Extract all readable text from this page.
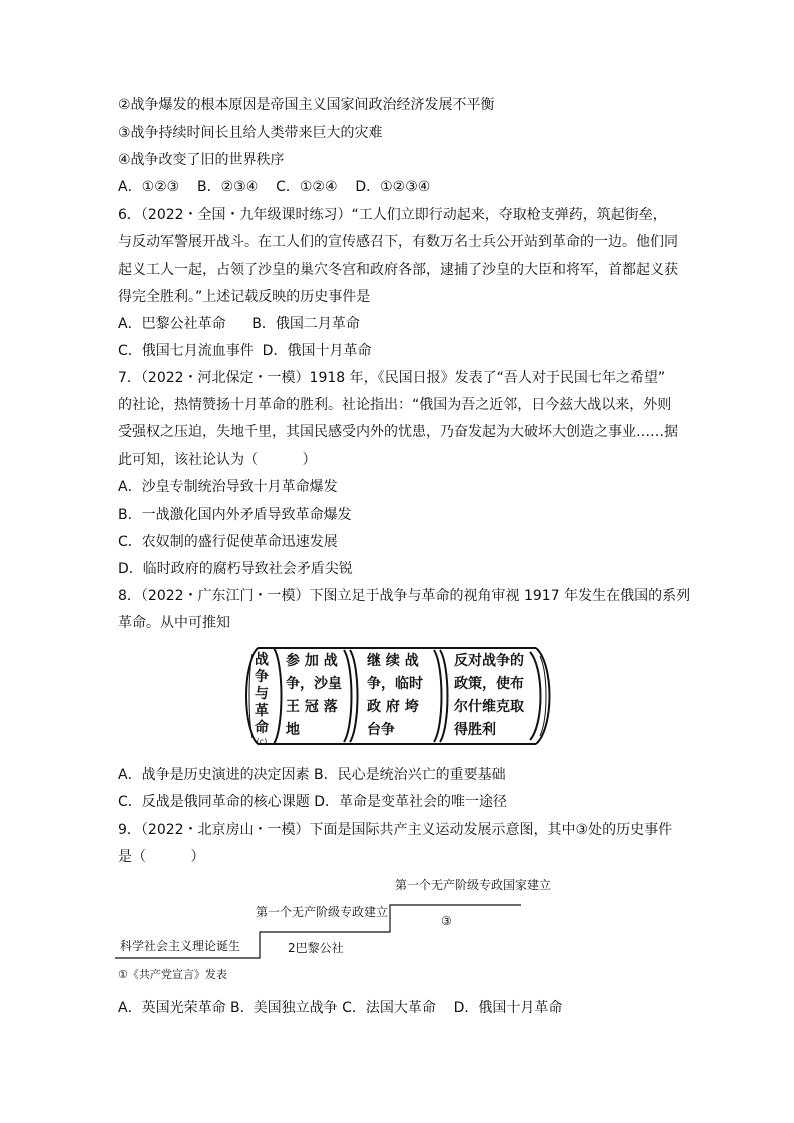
②战争爆发的根本原因是帝国主义国家间政治经济发展不平衡
③战争持续时间长且给人类带来巨大的灾难
④战争改变了旧的世界秩序
A．①②③    B．②③④    C．①②④    D．①②③④
6．（2022・全国・九年级课时练习）“工人们立即行动起来，夺取枪支弹药，筑起街垒，
与反动军警展开战斗。在工人们的宣传感召下，有数万名士兵公开站到革命的一边。他们同
起义工人一起，占领了沙皇的巢穴冬宫和政府各部，逮捕了沙皇的大臣和将军，首都起义获
得完全胜利。”上述记载反映的历史事件是
A．巴黎公社革命      B．俄国二月革命
C．俄国七月流血事件  D．俄国十月革命
7．（2022・河北保定・一模）1918 年，《民国日报》发表了“吾人对于民国七年之希望”
的社论，热情赞扬十月革命的胜利。社论指出：“俄国为吾之近邻，日今兹大战以来，外则
受强权之压迫，失地千里，其国民感受内外的忧患，乃奋发起为大破坏大创造之事业……据
此可知，该社论认为（          ）
A．沙皇专制统治导致十月革命爆发
B．一战激化国内外矛盾导致革命爆发
C．农奴制的盛行促使革命迅速发展
D．临时政府的腐朽导致社会矛盾尖锐
8．（2022・广东江门・一模）下图立足于战争与革命的视角审视 1917 年发生在俄国的系列
革命。从中可推知
战
争
与
革
命
(c)
参 加 战
争，沙皇
王 冠 落
地
继 续 战
争，临时
政 府 垮
台争
反对战争的
政策，使布
尔什维克取
得胜利
A．战争是历史演进的决定因素 B．民心是统治兴亡的重要基础
C．反战是俄同革命的核心课题 D．革命是变革社会的唯一途径
9．（2022・北京房山・一模）下面是国际共产主义运动发展示意图，其中③处的历史事件
是（          ）
第一个无产阶级专政国家建立
③
第一个无产阶级专政建立
2巴黎公社
科学社会主义理论诞生
①《共产党宣言》发表
A．英国光荣革命 B．美国独立战争 C．法国大革命    D．俄国十月革命
